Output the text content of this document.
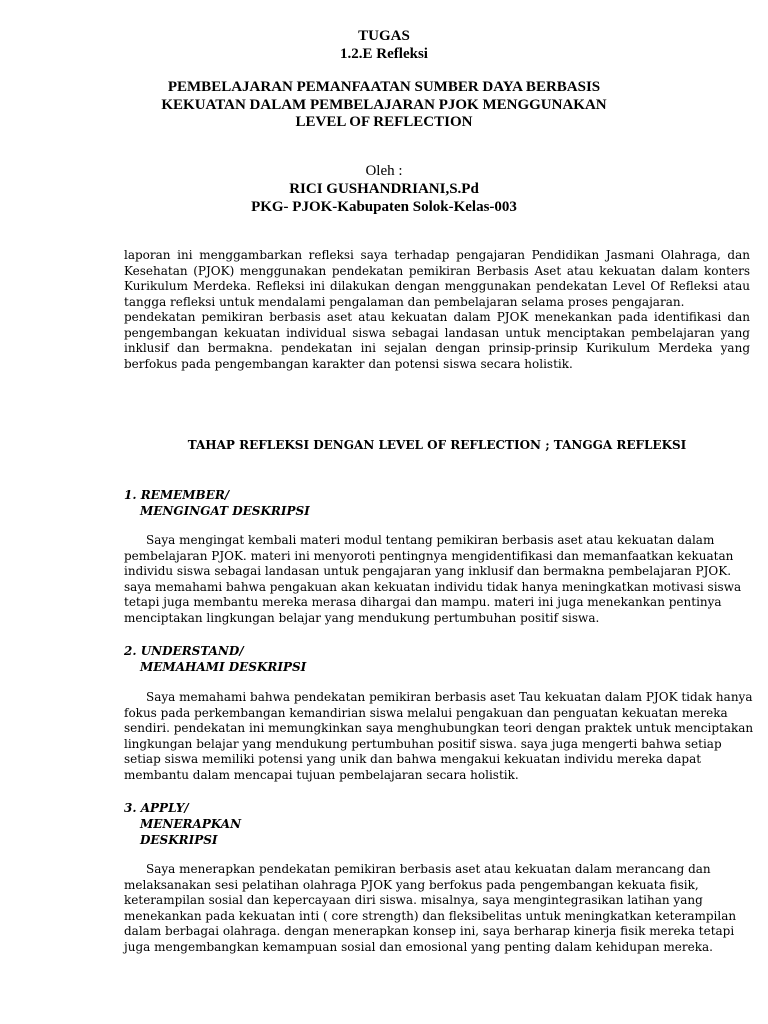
TUGAS
1.2.E Refleksi
PEMBELAJARAN PEMANFAATAN SUMBER DAYA BERBASIS
KEKUATAN DALAM PEMBELAJARAN PJOK MENGGUNAKAN
LEVEL OF REFLECTION
Oleh :
RICI GUSHANDRIANI,S.Pd
PKG- PJOK-Kabupaten Solok-Kelas-003
laporan ini menggambarkan refleksi saya terhadap pengajaran Pendidikan Jasmani Olahraga, dan
Kesehatan (PJOK) menggunakan pendekatan pemikiran Berbasis Aset atau kekuatan dalam konters
Kurikulum Merdeka. Refleksi ini dilakukan dengan menggunakan pendekatan Level Of Refleksi atau
tangga refleksi untuk mendalami pengalaman dan pembelajaran selama proses pengajaran.
pendekatan pemikiran berbasis aset atau kekuatan dalam PJOK menekankan pada identifikasi dan
pengembangan kekuatan individual siswa sebagai landasan untuk menciptakan pembelajaran yang
inklusif dan bermakna. pendekatan ini sejalan dengan prinsip-prinsip Kurikulum Merdeka yang
berfokus pada pengembangan karakter dan potensi siswa secara holistik.
TAHAP REFLEKSI DENGAN LEVEL OF REFLECTION ; TANGGA REFLEKSI
1. REMEMBER/
MENGINGAT DESKRIPSI
Saya mengingat kembali materi modul tentang pemikiran berbasis aset atau kekuatan dalam
pembelajaran PJOK. materi ini menyoroti pentingnya mengidentifikasi dan memanfaatkan kekuatan
individu siswa sebagai landasan untuk pengajaran yang inklusif dan bermakna pembelajaran PJOK.
saya memahami bahwa pengakuan akan kekuatan individu tidak hanya meningkatkan motivasi siswa
tetapi juga membantu mereka merasa dihargai dan mampu. materi ini juga menekankan pentinya
menciptakan lingkungan belajar yang mendukung pertumbuhan positif siswa.
2. UNDERSTAND/
MEMAHAMI DESKRIPSI
Saya memahami bahwa pendekatan pemikiran berbasis aset Tau kekuatan dalam PJOK tidak hanya
fokus pada perkembangan kemandirian siswa melalui pengakuan dan penguatan kekuatan mereka
sendiri. pendekatan ini memungkinkan saya menghubungkan teori dengan praktek untuk menciptakan
lingkungan belajar yang mendukung pertumbuhan positif siswa. saya juga mengerti bahwa setiap
setiap siswa memiliki potensi yang unik dan bahwa mengakui kekuatan individu mereka dapat
membantu dalam mencapai tujuan pembelajaran secara holistik.
3. APPLY/
MENERAPKAN
DESKRIPSI
Saya menerapkan pendekatan pemikiran berbasis aset atau kekuatan dalam merancang dan
melaksanakan sesi pelatihan olahraga PJOK yang berfokus pada pengembangan kekuata fisik,
keterampilan sosial dan kepercayaan diri siswa. misalnya, saya mengintegrasikan latihan yang
menekankan pada kekuatan inti ( core strength) dan fleksibelitas untuk meningkatkan keterampilan
dalam berbagai olahraga. dengan menerapkan konsep ini, saya berharap kinerja fisik mereka tetapi
juga mengembangkan kemampuan sosial dan emosional yang penting dalam kehidupan mereka.
